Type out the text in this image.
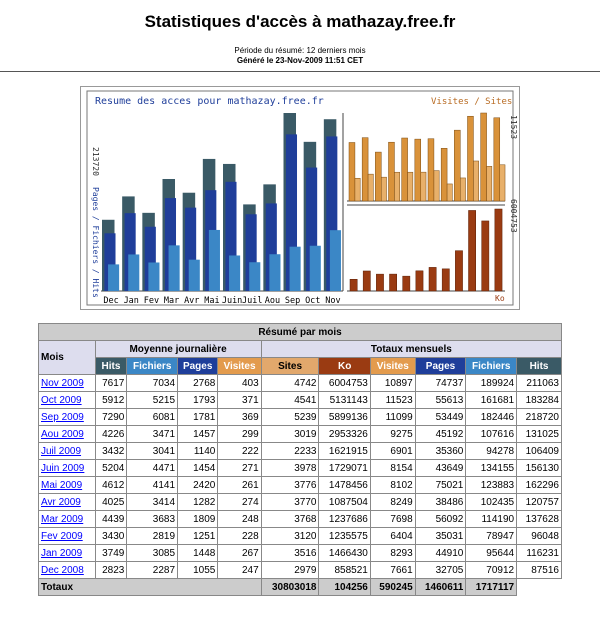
Statistiques d'accès à mathazay.free.fr
Période du résumé: 12 derniers mois
Généré le 23-Nov-2009 11:51 CET
Resume des acces pour mathazay.free.fr	Visites / Sites
213720
Pages / Fichiers / Hits
11523
6004753
Ko
Dec Jan Fev Mar Avr Mai Juin Juil Aou Sep Oct Nov
Résumé par mois										
Mois	Moyenne journalière				Totaux mensuels					
	Hits	Fichiers	Pages	Visites	Sites	Ko	Visites	Pages	Fichiers	Hits
Nov 2009	7617	7034	2768	403	4742	6004753	10897	74737	189924	211063
Oct 2009	5912	5215	1793	371	4541	5131143	11523	55613	161681	183284
Sep 2009	7290	6081	1781	369	5239	5899136	11099	53449	182446	218720
Aou 2009	4226	3471	1457	299	3019	2953326	9275	45192	107616	131025
Juil 2009	3432	3041	1140	222	2233	1621915	6901	35360	94278	106409
Juin 2009	5204	4471	1454	271	3978	1729071	8154	43649	134155	156130
Mai 2009	4612	4141	2420	261	3776	1478456	8102	75021	123883	162296
Avr 2009	4025	3414	1282	274	3770	1087504	8249	38486	102435	120757
Mar 2009	4439	3683	1809	248	3768	1237686	7698	56092	114190	137628
Fev 2009	3430	2819	1251	228	3120	1235575	6404	35031	78947	96048
Jan 2009	3749	3085	1448	267	3516	1466430	8293	44910	95644	116231
Dec 2008	2823	2287	1055	247	2979	858521	7661	32705	70912	87516
Totaux					30803018	104256	590245	1460611	1717117	
